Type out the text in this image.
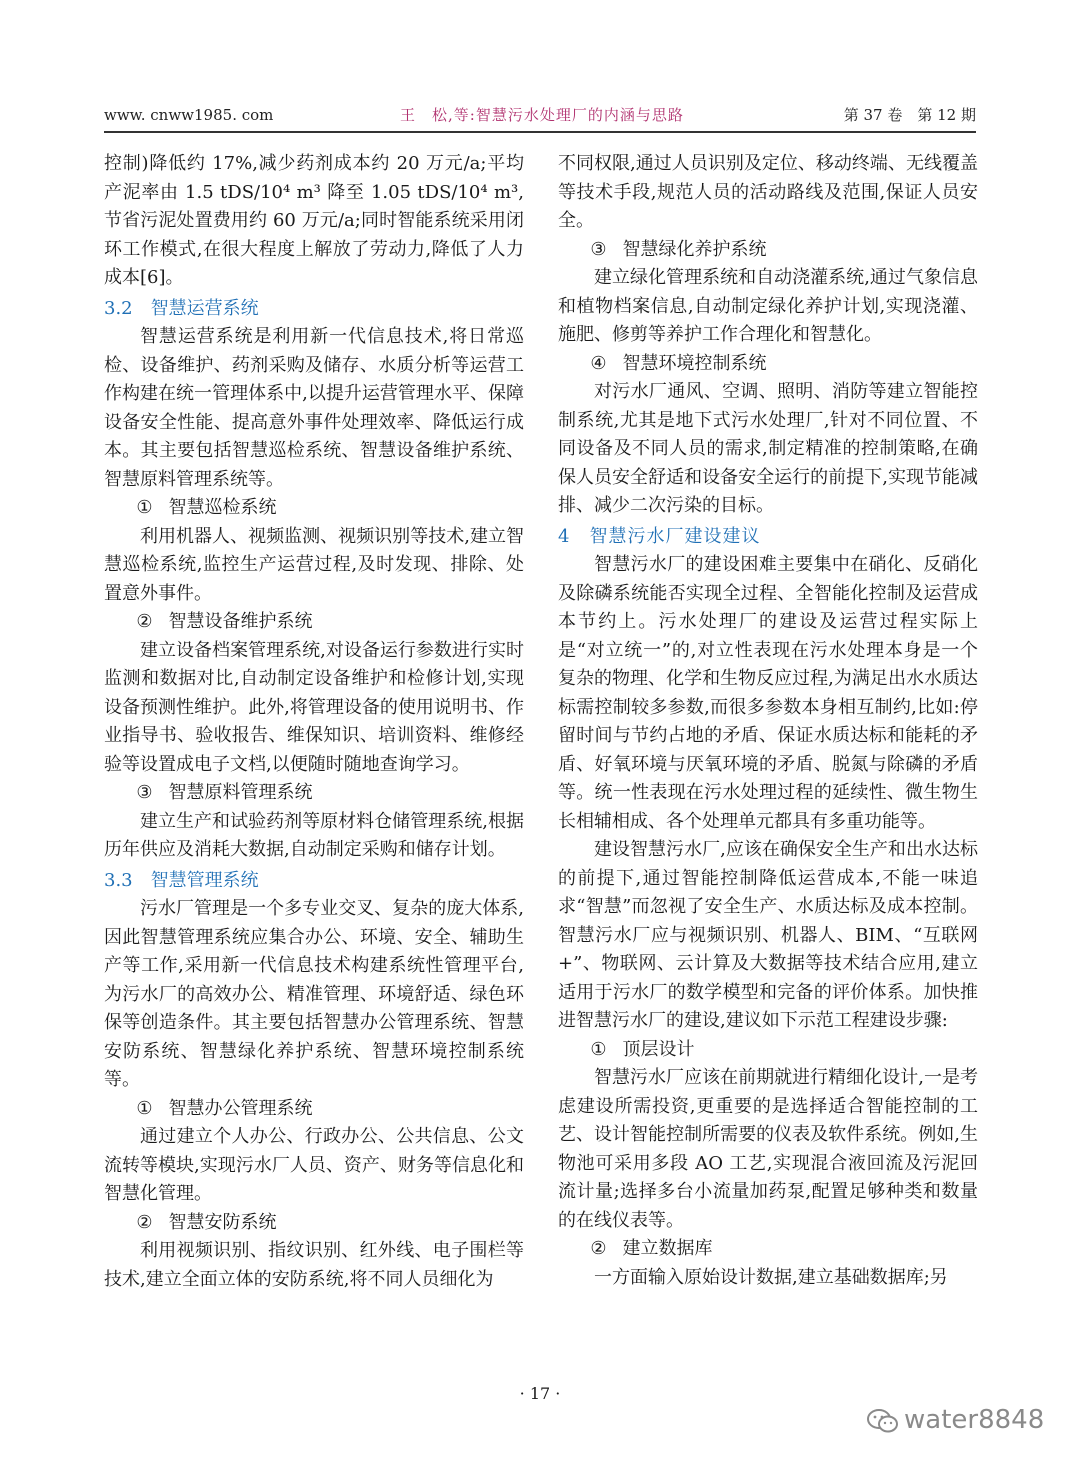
www. cnww1985. com	王　松,等:智慧污水处理厂的内涵与思路	第 37 卷　第 12 期

控制)降低约 17%,减少药剂成本约 20 万元/a;平均产泥率由 1.5 tDS/10⁴ m³ 降至 1.05 tDS/10⁴ m³,节省污泥处置费用约 60 万元/a;同时智能系统采用闭环工作模式,在很大程度上解放了劳动力,降低了人力成本[6]。

3.2　智慧运营系统

智慧运营系统是利用新一代信息技术,将日常巡检、设备维护、药剂采购及储存、水质分析等运营工作构建在统一管理体系中,以提升运营管理水平、保障设备安全性能、提高意外事件处理效率、降低运行成本。其主要包括智慧巡检系统、智慧设备维护系统、智慧原料管理系统等。

① 智慧巡检系统

利用机器人、视频监测、视频识别等技术,建立智慧巡检系统,监控生产运营过程,及时发现、排除、处置意外事件。

② 智慧设备维护系统

建立设备档案管理系统,对设备运行参数进行实时监测和数据对比,自动制定设备维护和检修计划,实现设备预测性维护。此外,将管理设备的使用说明书、作业指导书、验收报告、维保知识、培训资料、维修经验等设置成电子文档,以便随时随地查询学习。

③ 智慧原料管理系统

建立生产和试验药剂等原材料仓储管理系统,根据历年供应及消耗大数据,自动制定采购和储存计划。

3.3　智慧管理系统

污水厂管理是一个多专业交叉、复杂的庞大体系,因此智慧管理系统应集合办公、环境、安全、辅助生产等工作,采用新一代信息技术构建系统性管理平台,为污水厂的高效办公、精准管理、环境舒适、绿色环保等创造条件。其主要包括智慧办公管理系统、智慧安防系统、智慧绿化养护系统、智慧环境控制系统等。

① 智慧办公管理系统

通过建立个人办公、行政办公、公共信息、公文流转等模块,实现污水厂人员、资产、财务等信息化和智慧化管理。

② 智慧安防系统

利用视频识别、指纹识别、红外线、电子围栏等技术,建立全面立体的安防系统,将不同人员细化为

不同权限,通过人员识别及定位、移动终端、无线覆盖等技术手段,规范人员的活动路线及范围,保证人员安全。

③ 智慧绿化养护系统

建立绿化管理系统和自动浇灌系统,通过气象信息和植物档案信息,自动制定绿化养护计划,实现浇灌、施肥、修剪等养护工作合理化和智慧化。

④ 智慧环境控制系统

对污水厂通风、空调、照明、消防等建立智能控制系统,尤其是地下式污水处理厂,针对不同位置、不同设备及不同人员的需求,制定精准的控制策略,在确保人员安全舒适和设备安全运行的前提下,实现节能减排、减少二次污染的目标。

4　智慧污水厂建设建议

智慧污水厂的建设困难主要集中在硝化、反硝化及除磷系统能否实现全过程、全智能化控制及运营成本节约上。污水处理厂的建设及运营过程实际上是“对立统一”的,对立性表现在污水处理本身是一个复杂的物理、化学和生物反应过程,为满足出水水质达标需控制较多参数,而很多参数本身相互制约,比如:停留时间与节约占地的矛盾、保证水质达标和能耗的矛盾、好氧环境与厌氧环境的矛盾、脱氮与除磷的矛盾等。统一性表现在污水处理过程的延续性、微生物生长相辅相成、各个处理单元都具有多重功能等。

建设智慧污水厂,应该在确保安全生产和出水达标的前提下,通过智能控制降低运营成本,不能一味追求“智慧”而忽视了安全生产、水质达标及成本控制。智慧污水厂应与视频识别、机器人、BIM、“互联网+”、物联网、云计算及大数据等技术结合应用,建立适用于污水厂的数学模型和完备的评价体系。加快推进智慧污水厂的建设,建议如下示范工程建设步骤:

① 顶层设计

智慧污水厂应该在前期就进行精细化设计,一是考虑建设所需投资,更重要的是选择适合智能控制的工艺、设计智能控制所需要的仪表及软件系统。例如,生物池可采用多段 AO 工艺,实现混合液回流及污泥回流计量;选择多台小流量加药泵,配置足够种类和数量的在线仪表等。

② 建立数据库

一方面输入原始设计数据,建立基础数据库;另

· 17 ·
water8848
